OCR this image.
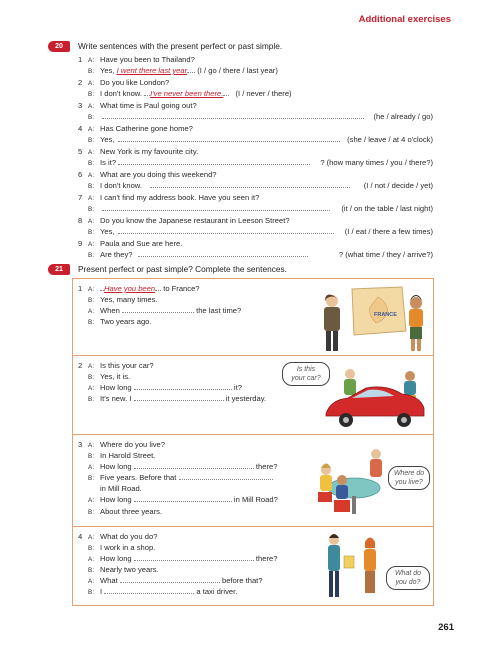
Additional exercises
20	Write sentences with the present perfect or past simple.
1 A: Have you been to Thailand?
B: Yes, I went there last year (I / go / there / last year)
2 A: Do you like London?
B: I don't know. I've never been there. (I / never / there)
3 A: What time is Paul going out?
B:	(he / already / go)
4 A: Has Catherine gone home?
B: Yes,	(she / leave / at 4 o'clock)
5 A: New York is my favourite city.
B: Is it?	? (how many times / you / there?)
6 A: What are you doing this weekend?
B: I don't know.	(I / not / decide / yet)
7 A: I can't find my address book. Have you seen it?
B:	(it / on the table / last night)
8 A: Do you know the Japanese restaurant in Leeson Street?
B: Yes,	(I / eat / there a few times)
9 A: Paula and Sue are here.
B: Are they?	? (what time / they / arrive?)
21	Present perfect or past simple? Complete the sentences.
1 A: Have you been to France?
B: Yes, many times.
A: When	the last time?
B: Two years ago.
FRANCE
2 A: Is this your car?
B: Yes, it is.
A: How long	it?
B: It's new. I	it yesterday.
Is this
your car?
3 A: Where do you live?
B: In Harold Street.
A: How long	there?
B: Five years. Before that
in Mill Road.
A: How long	in Mill Road?
B: About three years.
Where do
you live?
4 A: What do you do?
B: I work in a shop.
A: How long	there?
B: Nearly two years.
A: What	before that?
B: I	a taxi driver.
What do
you do?
261
